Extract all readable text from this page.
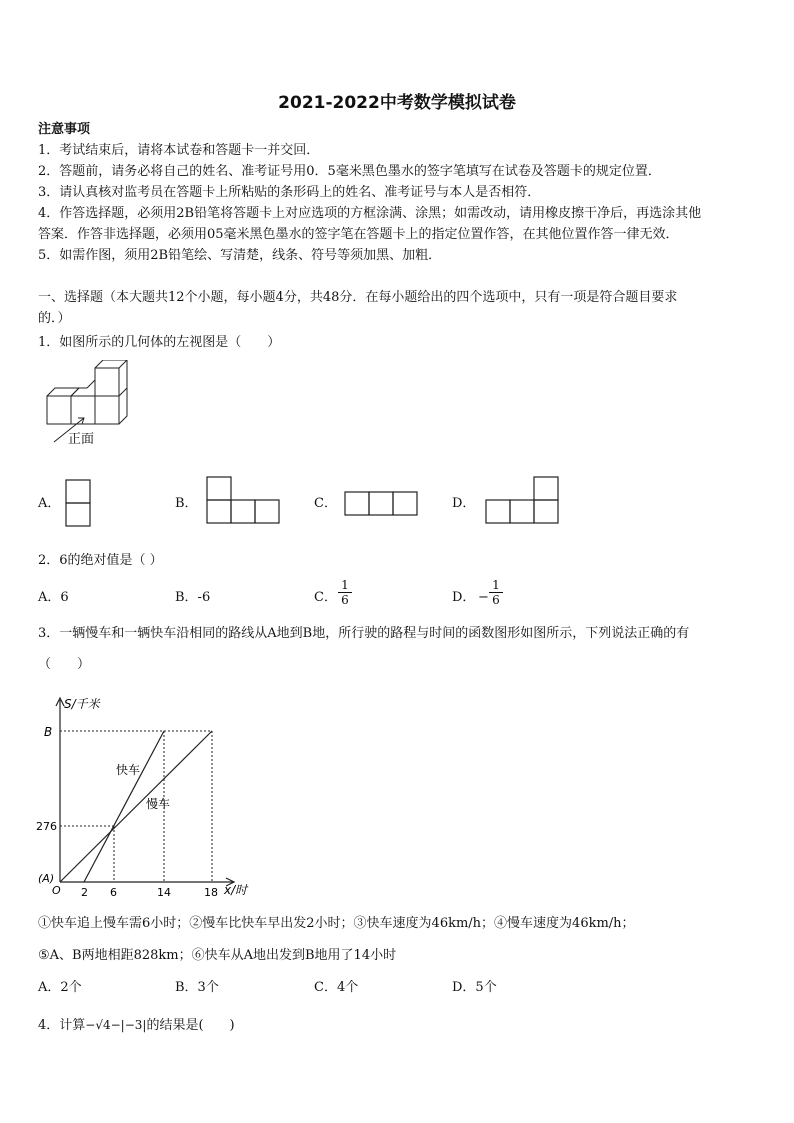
2021-2022中考数学模拟试卷
注意事项
1．考试结束后，请将本试卷和答题卡一并交回．
2．答题前，请务必将自己的姓名、准考证号用0．5毫米黑色墨水的签字笔填写在试卷及答题卡的规定位置．
3．请认真核对监考员在答题卡上所粘贴的条形码上的姓名、准考证号与本人是否相符．
4．作答选择题，必须用2B铅笔将答题卡上对应选项的方框涂满、涂黑；如需改动，请用橡皮擦干净后，再选涂其他
答案．作答非选择题，必须用05毫米黑色墨水的签字笔在答题卡上的指定位置作答，在其他位置作答一律无效．
5．如需作图，须用2B铅笔绘、写清楚，线条、符号等须加黑、加粗．
一、选择题（本大题共12个小题，每小题4分，共48分．在每小题给出的四个选项中，只有一项是符合题目要求
的．）
1．如图所示的几何体的左视图是（　　）
正面
A．	B．	C．	D．
2．6的绝对值是（ ）
A．6	B．-6	C． $\frac{1}{6}$	D． − $\frac{1}{6}$
3．一辆慢车和一辆快车沿相同的路线从A地到B地，所行驶的路程与时间的函数图形如图所示，下列说法正确的有
（　　）
S/千米
B
276
(A)
O 2 6	14	18 x/时
快车
慢车
①快车追上慢车需6小时；②慢车比快车早出发2小时；③快车速度为46km/h；④慢车速度为46km/h；
⑤A、B两地相距828km；⑥快车从A地出发到B地用了14小时
A．2个	B．3个	C．4个	D．5个
4．计算−√4−|−3|的结果是(　　)
